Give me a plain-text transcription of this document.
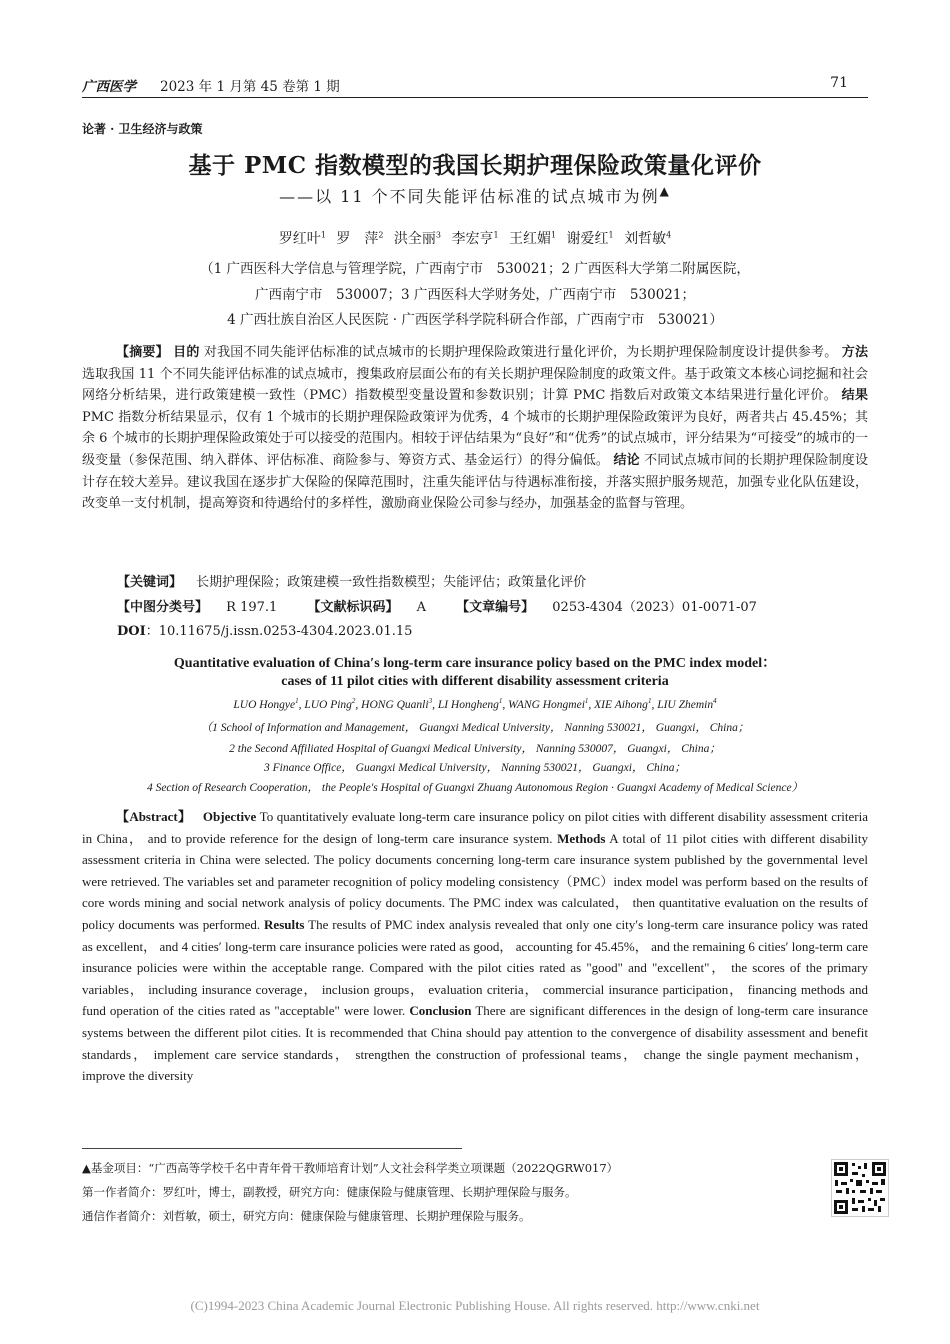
广西医学 2023 年 1 月第 45 卷第 1 期	71
论著 · 卫生经济与政策
基于 PMC 指数模型的我国长期护理保险政策量化评价
——以 11 个不同失能评估标准的试点城市为例▲
罗红叶$^1$ 罗　萍$^2$ 洪全丽$^3$ 李宏亨$^1$ 王红媚$^1$ 谢爱红$^1$ 刘哲敏$^4$
（1 广西医科大学信息与管理学院，广西南宁市　530021；2 广西医科大学第二附属医院，
广西南宁市　530007；3 广西医科大学财务处，广西南宁市　530021；
4 广西壮族自治区人民医院 · 广西医学科学院科研合作部，广西南宁市　530021）
【摘要】 目的 对我国不同失能评估标准的试点城市的长期护理保险政策进行量化评价，为长期护理保险制度设计提供参考。 方法 选取我国 11 个不同失能评估标准的试点城市，搜集政府层面公布的有关长期护理保险制度的政策文件。基于政策文本核心词挖掘和社会网络分析结果，进行政策建模一致性（PMC）指数模型变量设置和参数识别；计算 PMC 指数后对政策文本结果进行量化评价。 结果 PMC 指数分析结果显示，仅有 1 个城市的长期护理保险政策评为优秀，4 个城市的长期护理保险政策评为良好，两者共占 45.45%；其余 6 个城市的长期护理保险政策处于可以接受的范围内。相较于评估结果为“良好”和“优秀”的试点城市，评分结果为“可接受”的城市的一级变量（参保范围、纳入群体、评估标准、商险参与、筹资方式、基金运行）的得分偏低。 结论 不同试点城市间的长期护理保险制度设计存在较大差异。建议我国在逐步扩大保险的保障范围时，注重失能评估与待遇标准衔接，并落实照护服务规范，加强专业化队伍建设，改变单一支付机制，提高筹资和待遇给付的多样性，激励商业保险公司参与经办，加强基金的监督与管理。
【关键词】 长期护理保险；政策建模一致性指数模型；失能评估；政策量化评价
【中图分类号】 R 197.1 【文献标识码】 A 【文章编号】 0253-4304（2023）01-0071-07
DOI：10.11675/j.issn.0253-4304.2023.01.15
Quantitative evaluation of China′s long-term care insurance policy based on the PMC index model：
cases of 11 pilot cities with different disability assessment criteria
LUO Hongye$^1$, LUO Ping$^2$, HONG Quanli$^3$, LI Hongheng$^1$, WANG Hongmei$^1$, XIE Aihong$^1$, LIU Zhemin$^4$
（1 School of Information and Management， Guangxi Medical University， Nanning 530021， Guangxi， China；
2 the Second Affiliated Hospital of Guangxi Medical University， Nanning 530007， Guangxi， China；
3 Finance Office， Guangxi Medical University， Nanning 530021， Guangxi， China；
4 Section of Research Cooperation， the People′s Hospital of Guangxi Zhuang Autonomous Region · Guangxi Academy of Medical Science）
【Abstract】 Objective To quantitatively evaluate long-term care insurance policy on pilot cities with different disability assessment criteria in China， and to provide reference for the design of long-term care insurance system. Methods A total of 11 pilot cities with different disability assessment criteria in China were selected. The policy documents concerning long-term care insurance system published by the governmental level were retrieved. The variables set and parameter recognition of policy modeling consistency（PMC）index model was perform based on the results of core words mining and social network analysis of policy documents. The PMC index was calculated， then quantitative evaluation on the results of policy documents was performed. Results The results of PMC index analysis revealed that only one city′s long-term care insurance policy was rated as excellent， and 4 cities′ long-term care insurance policies were rated as good， accounting for 45.45%， and the remaining 6 cities′ long-term care insurance policies were within the acceptable range. Compared with the pilot cities rated as "good" and "excellent"， the scores of the primary variables， including insurance coverage， inclusion groups， evaluation criteria， commercial insurance participation， financing methods and fund operation of the cities rated as "acceptable" were lower. Conclusion There are significant differences in the design of long-term care insurance systems between the different pilot cities. It is recommended that China should pay attention to the convergence of disability assessment and benefit standards， implement care service standards， strengthen the construction of professional teams， change the single payment mechanism， improve the diversity
▲基金项目：“广西高等学校千名中青年骨干教师培育计划”人文社会科学类立项课题（2022QGRW017）
第一作者简介：罗红叶，博士，副教授，研究方向：健康保险与健康管理、长期护理保险与服务。
通信作者简介：刘哲敏，硕士，研究方向：健康保险与健康管理、长期护理保险与服务。
(C)1994-2023 China Academic Journal Electronic Publishing House. All rights reserved. http://www.cnki.net
